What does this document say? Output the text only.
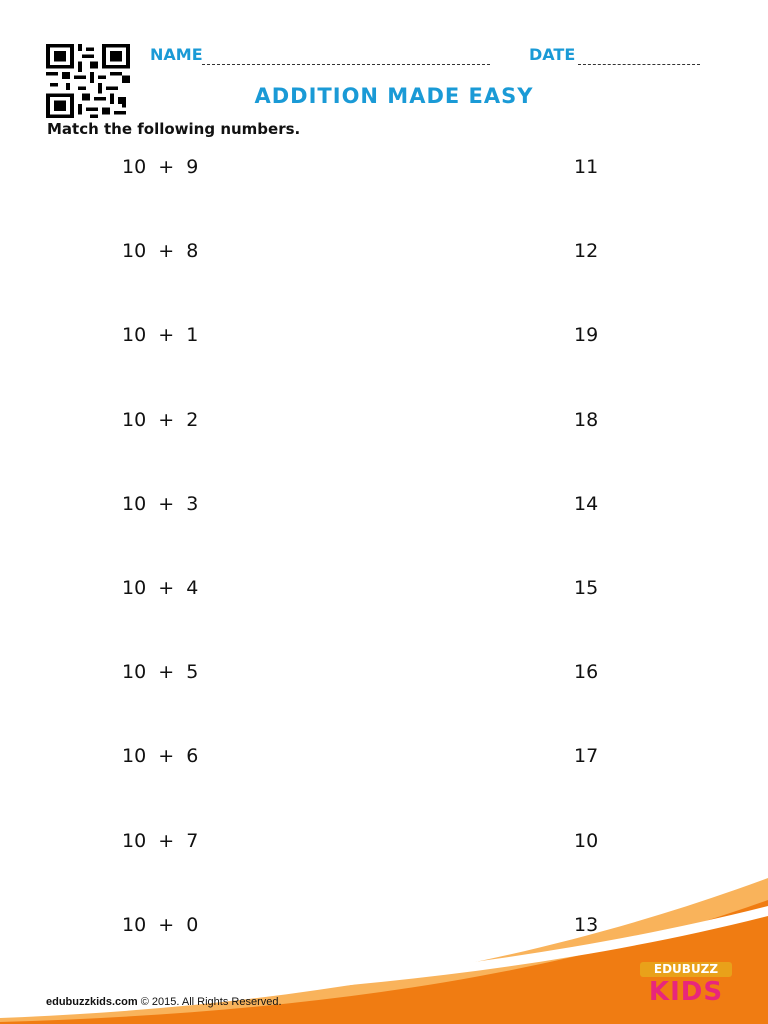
NAME	DATE
ADDITION MADE EASY
Match the following numbers.
10  +  9	11
10  +  8	12
10  +  1	19
10  +  2	18
10  +  3	14
10  +  4	15
10  +  5	16
10  +  6	17
10  +  7	10
10  +  0	13
edubuzzkids.com © 2015. All Rights Reserved.
EDUBUZZ
KIDS
